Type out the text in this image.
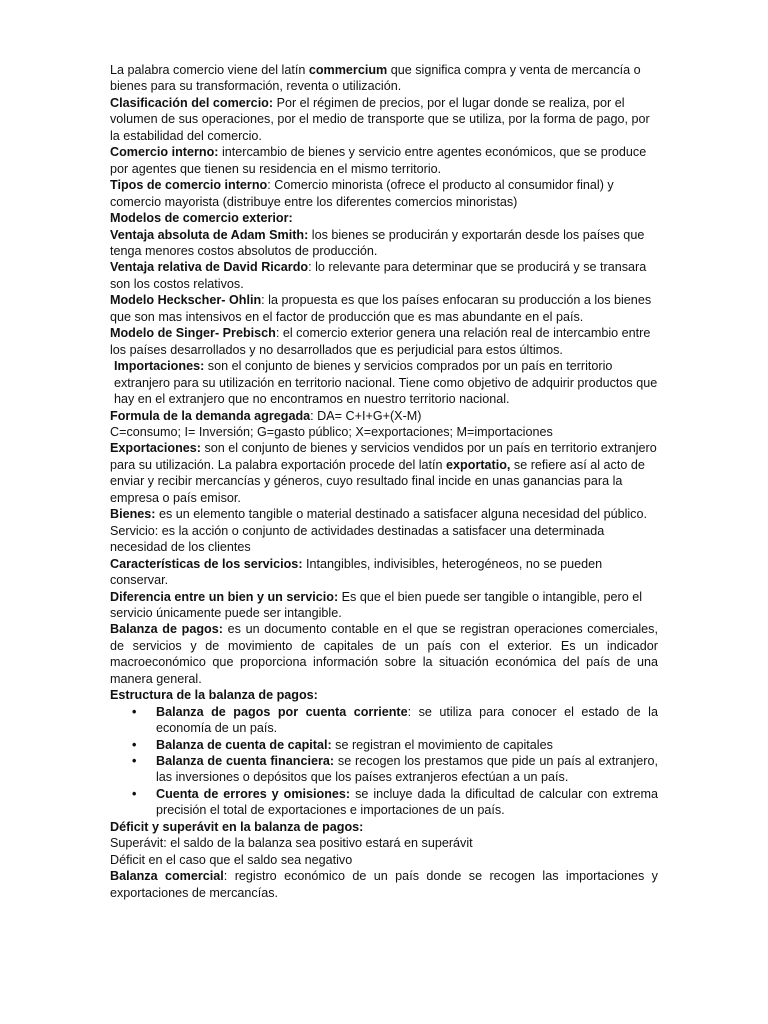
La palabra comercio viene del latín commercium que significa compra y venta de mercancía o bienes para su transformación, reventa o utilización.

Clasificación del comercio: Por el régimen de precios, por el lugar donde se realiza, por el volumen de sus operaciones, por el medio de transporte que se utiliza, por la forma de pago, por la estabilidad del comercio.

Comercio interno: intercambio de bienes y servicio entre agentes económicos, que se produce por agentes que tienen su residencia en el mismo territorio.

Tipos de comercio interno: Comercio minorista (ofrece el producto al consumidor final) y comercio mayorista (distribuye entre los diferentes comercios minoristas)

Modelos de comercio exterior:

Ventaja absoluta de Adam Smith: los bienes se producirán y exportarán desde los países que tenga menores costos absolutos de producción.

Ventaja relativa de David Ricardo: lo relevante para determinar que se producirá y se transara son los costos relativos.

Modelo Heckscher- Ohlin: la propuesta es que los países enfocaran su producción a los bienes que son mas intensivos en el factor de producción que es mas abundante en el país.

Modelo de Singer- Prebisch: el comercio exterior genera una relación real de intercambio entre los países desarrollados y no desarrollados que es perjudicial para estos últimos.

Importaciones: son el conjunto de bienes y servicios comprados por un país en territorio extranjero para su utilización en territorio nacional. Tiene como objetivo de adquirir productos que hay en el extranjero que no encontramos en nuestro territorio nacional.

Formula de la demanda agregada: DA= C+I+G+(X-M)

C=consumo; I= Inversión; G=gasto público; X=exportaciones; M=importaciones

Exportaciones: son el conjunto de bienes y servicios vendidos por un país en territorio extranjero para su utilización. La palabra exportación procede del latín exportatio, se refiere así al acto de enviar y recibir mercancías y géneros, cuyo resultado final incide en unas ganancias para la empresa o país emisor.

Bienes: es un elemento tangible o material destinado a satisfacer alguna necesidad del público.

Servicio: es la acción o conjunto de actividades destinadas a satisfacer una determinada necesidad de los clientes

Características de los servicios: Intangibles, indivisibles, heterogéneos, no se pueden conservar.

Diferencia entre un bien y un servicio: Es que el bien puede ser tangible o intangible, pero el servicio únicamente puede ser intangible.

Balanza de pagos: es un documento contable en el que se registran operaciones comerciales, de servicios y de movimiento de capitales de un país con el exterior. Es un indicador macroeconómico que proporciona información sobre la situación económica del país de una manera general.

Estructura de la balanza de pagos:

• Balanza de pagos por cuenta corriente: se utiliza para conocer el estado de la economía de un país.
• Balanza de cuenta de capital: se registran el movimiento de capitales
• Balanza de cuenta financiera: se recogen los prestamos que pide un país al extranjero, las inversiones o depósitos que los países extranjeros efectúan a un país.
• Cuenta de errores y omisiones: se incluye dada la dificultad de calcular con extrema precisión el total de exportaciones e importaciones de un país.

Déficit y superávit en la balanza de pagos:

Superávit: el saldo de la balanza sea positivo estará en superávit

Déficit en el caso que el saldo sea negativo

Balanza comercial: registro económico de un país donde se recogen las importaciones y exportaciones de mercancías.
